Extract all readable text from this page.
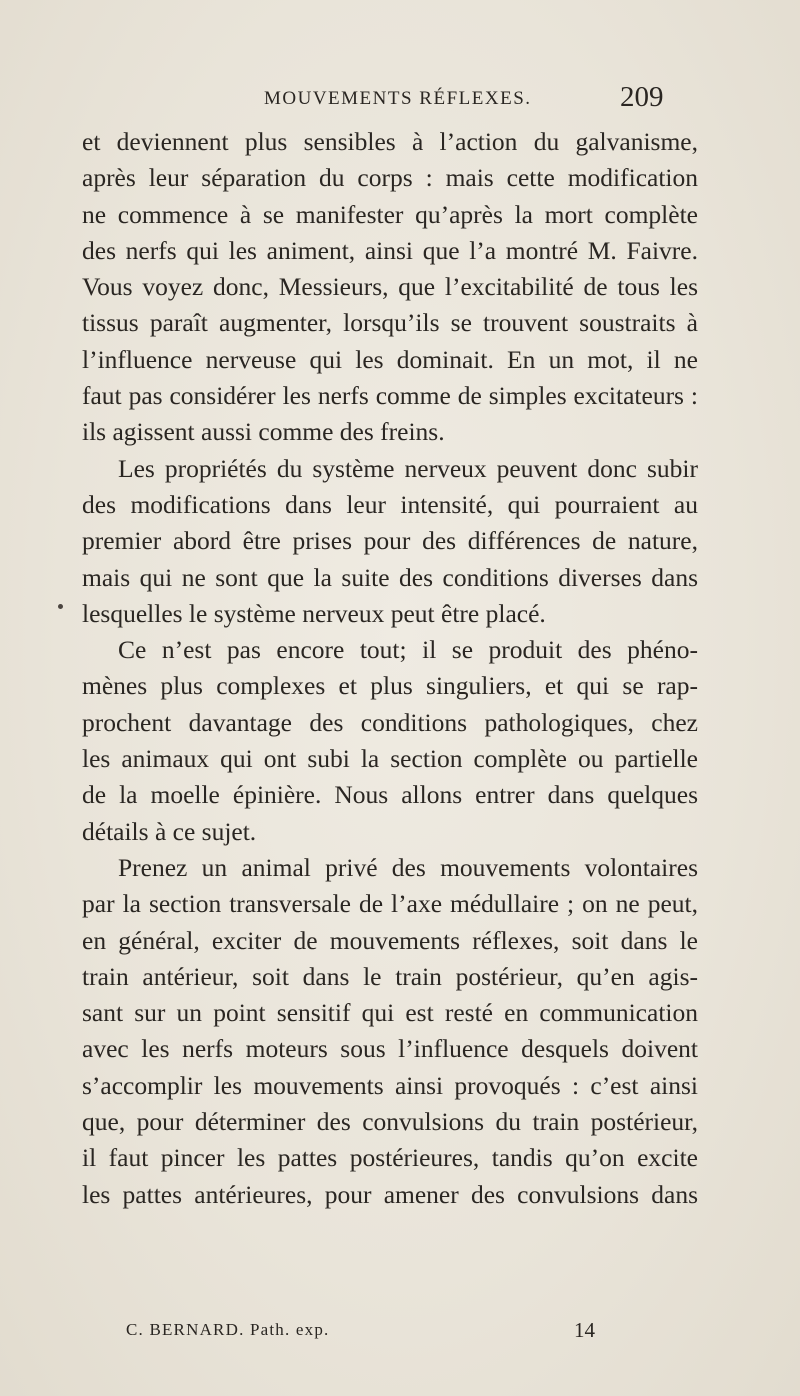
MOUVEMENTS RÉFLEXES.	209
et deviennent plus sensibles à l’action du galvanisme,
après leur séparation du corps : mais cette modification
ne commence à se manifester qu’après la mort complète
des nerfs qui les animent, ainsi que l’a montré M. Faivre.
Vous voyez donc, Messieurs, que l’excitabilité de tous les
tissus paraît augmenter, lorsqu’ils se trouvent soustraits à
l’influence nerveuse qui les dominait. En un mot, il ne
faut pas considérer les nerfs comme de simples excitateurs :
ils agissent aussi comme des freins.
Les propriétés du système nerveux peuvent donc subir
des modifications dans leur intensité, qui pourraient au
premier abord être prises pour des différences de nature,
mais qui ne sont que la suite des conditions diverses dans
lesquelles le système nerveux peut être placé.
Ce n’est pas encore tout; il se produit des phéno-
mènes plus complexes et plus singuliers, et qui se rap-
prochent davantage des conditions pathologiques, chez
les animaux qui ont subi la section complète ou partielle
de la moelle épinière. Nous allons entrer dans quelques
détails à ce sujet.
Prenez un animal privé des mouvements volontaires
par la section transversale de l’axe médullaire ; on ne peut,
en général, exciter de mouvements réflexes, soit dans le
train antérieur, soit dans le train postérieur, qu’en agis-
sant sur un point sensitif qui est resté en communication
avec les nerfs moteurs sous l’influence desquels doivent
s’accomplir les mouvements ainsi provoqués : c’est ainsi
que, pour déterminer des convulsions du train postérieur,
il faut pincer les pattes postérieures, tandis qu’on excite
les pattes antérieures, pour amener des convulsions dans
C. BERNARD. Path. exp.	14
